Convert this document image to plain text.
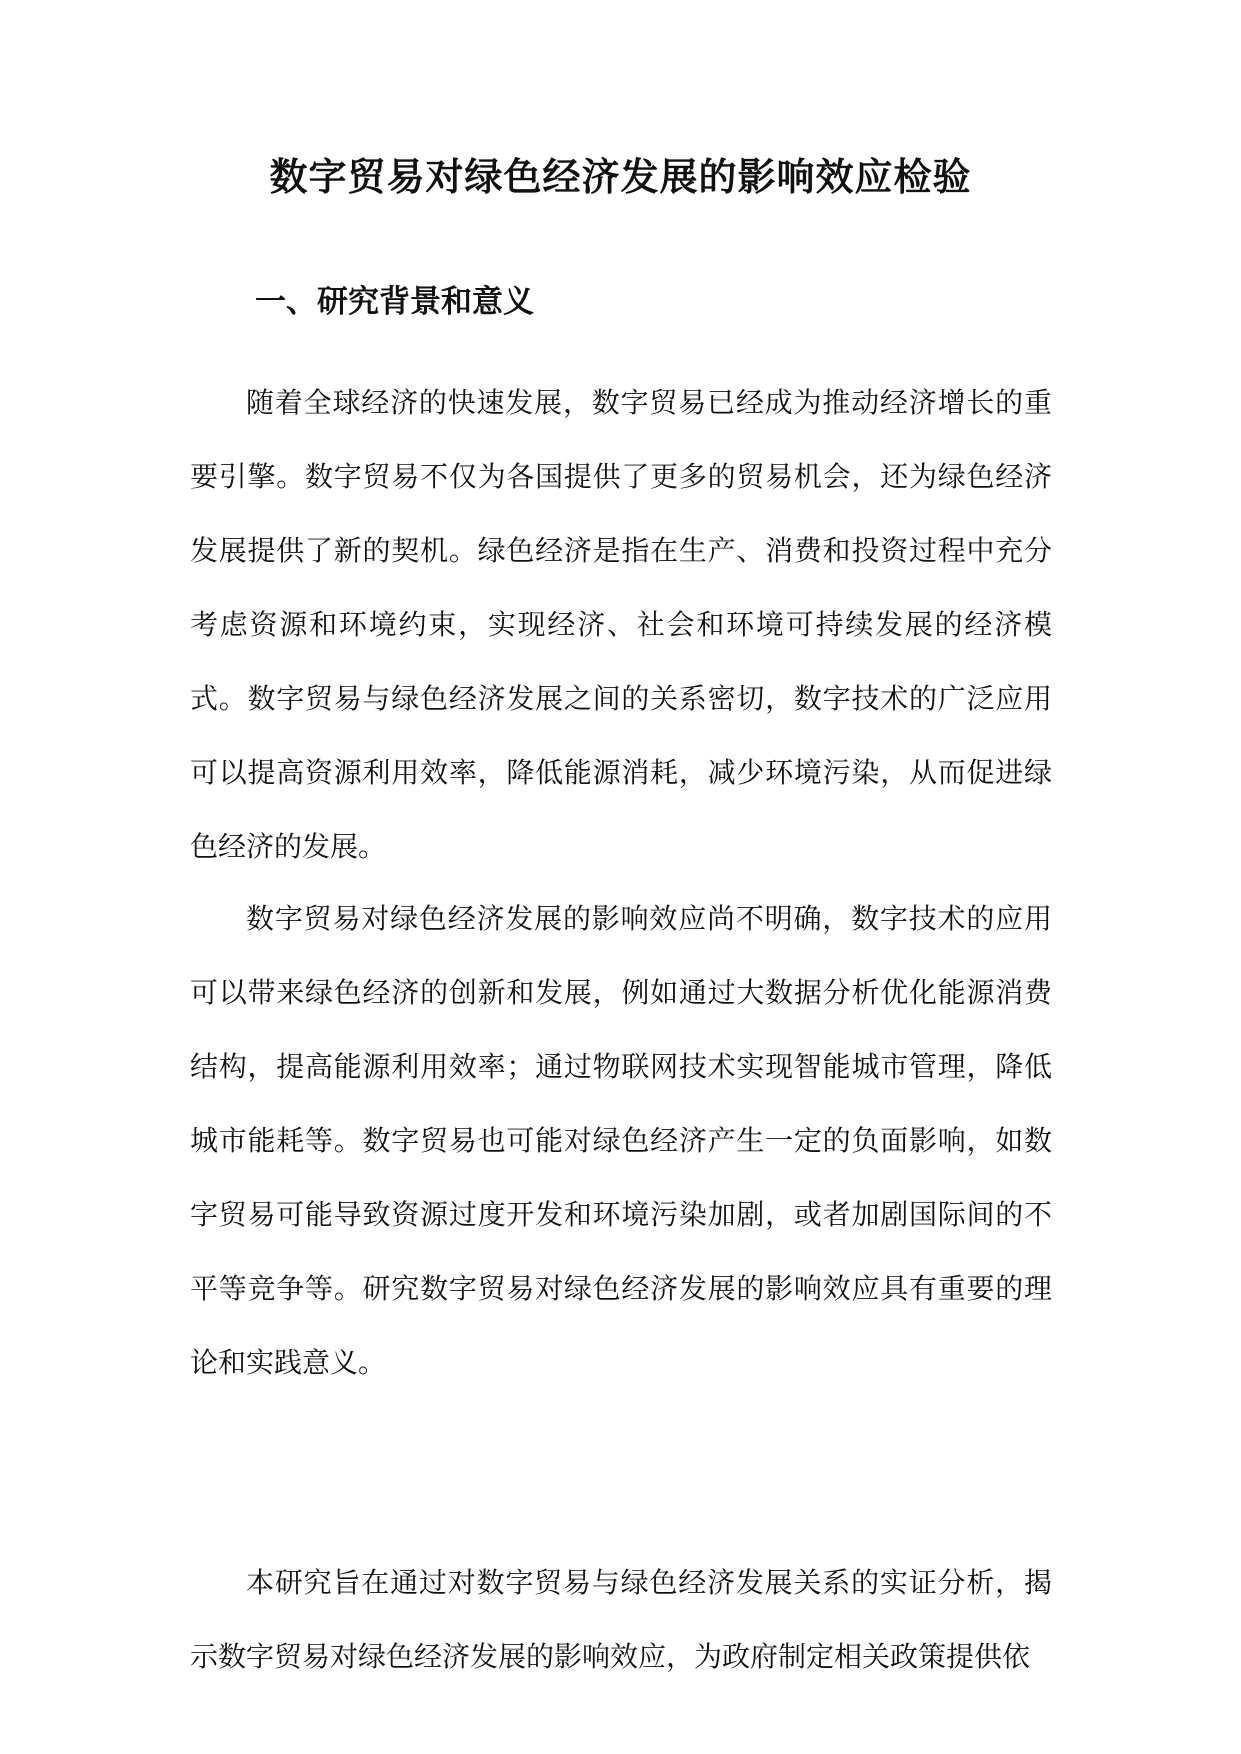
数字贸易对绿色经济发展的影响效应检验
一、研究背景和意义

随着全球经济的快速发展，数字贸易已经成为推动经济增长的重要引擎。数字贸易不仅为各国提供了更多的贸易机会，还为绿色经济发展提供了新的契机。绿色经济是指在生产、消费和投资过程中充分考虑资源和环境约束，实现经济、社会和环境可持续发展的经济模式。数字贸易与绿色经济发展之间的关系密切，数字技术的广泛应用可以提高资源利用效率，降低能源消耗，减少环境污染，从而促进绿色经济的发展。

数字贸易对绿色经济发展的影响效应尚不明确，数字技术的应用可以带来绿色经济的创新和发展，例如通过大数据分析优化能源消费结构，提高能源利用效率；通过物联网技术实现智能城市管理，降低城市能耗等。数字贸易也可能对绿色经济产生一定的负面影响，如数字贸易可能导致资源过度开发和环境污染加剧，或者加剧国际间的不平等竞争等。研究数字贸易对绿色经济发展的影响效应具有重要的理论和实践意义。

本研究旨在通过对数字贸易与绿色经济发展关系的实证分析，揭示数字贸易对绿色经济发展的影响效应，为政府制定相关政策提供依
